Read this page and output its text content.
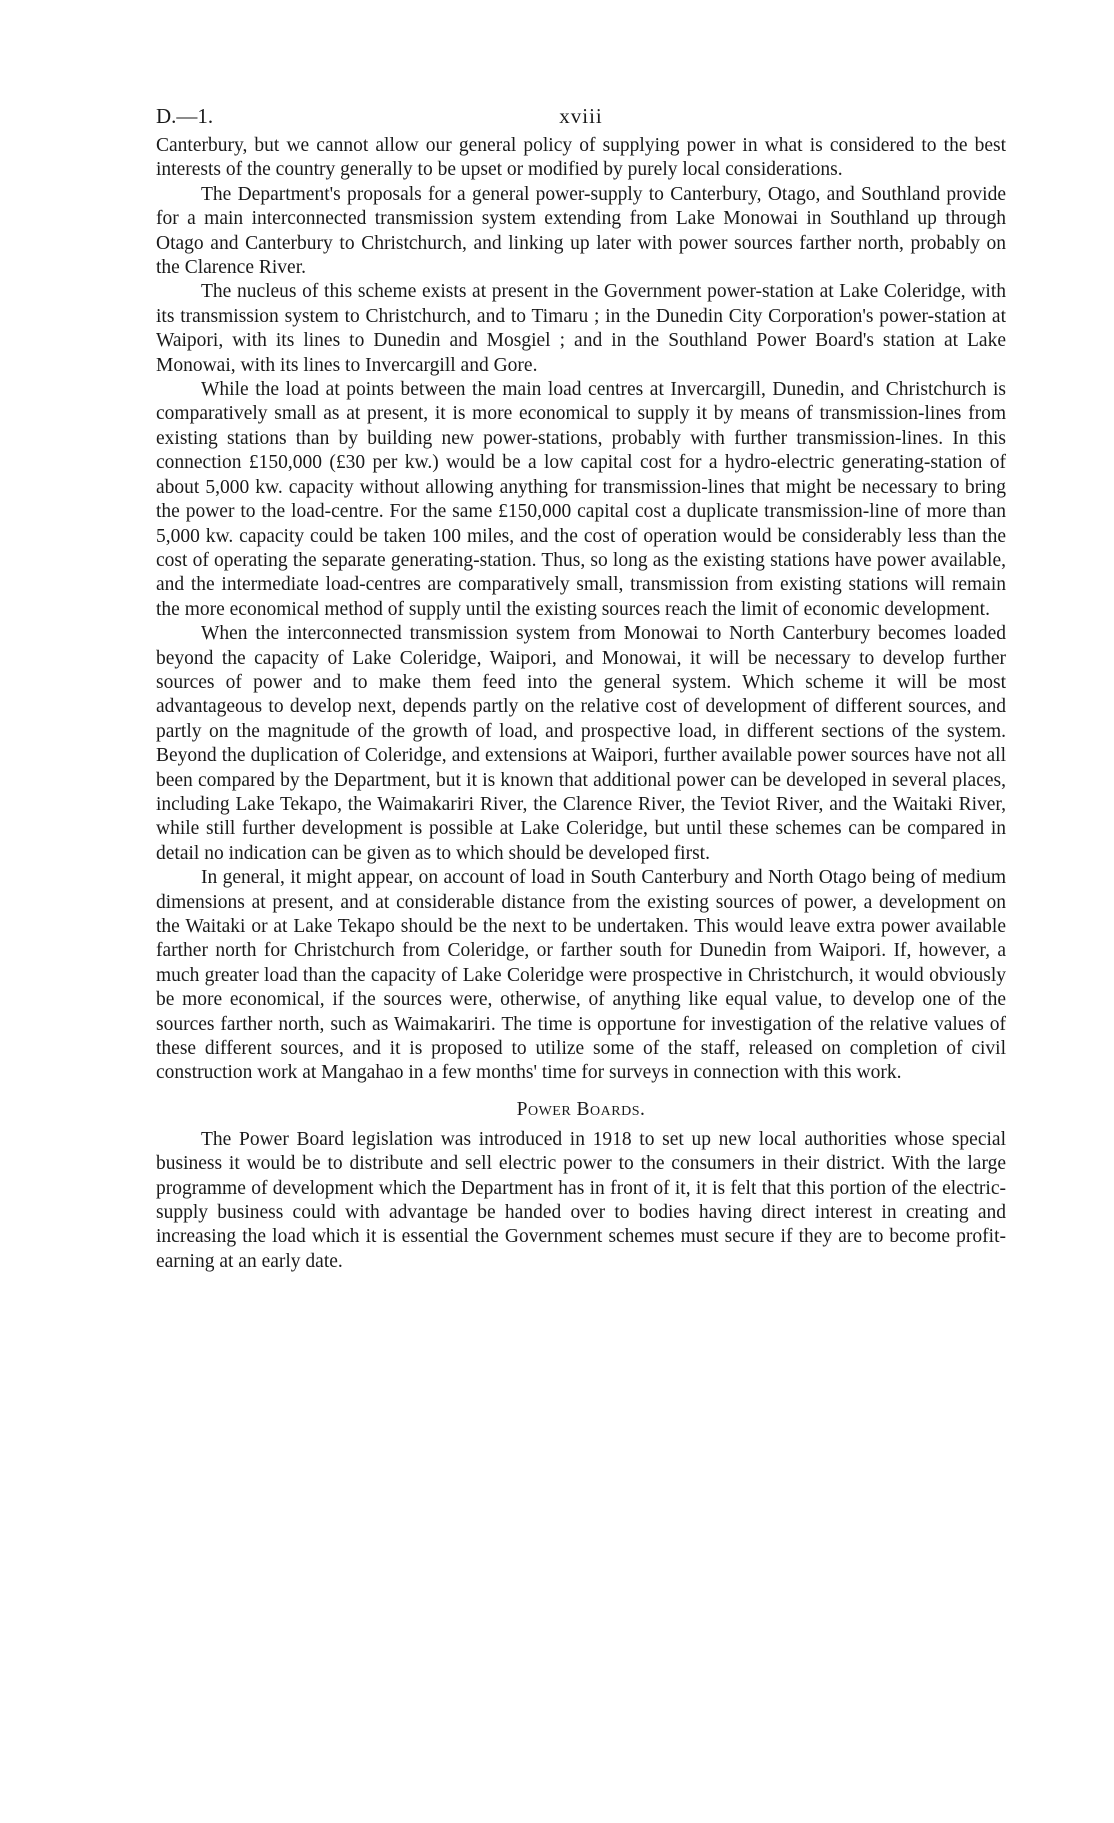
D.—1.	xviii

Canterbury, but we cannot allow our general policy of supplying power in what is considered to the best interests of the country generally to be upset or modified by purely local considerations.

The Department's proposals for a general power-supply to Canterbury, Otago, and Southland provide for a main interconnected transmission system extending from Lake Monowai in Southland up through Otago and Canterbury to Christchurch, and linking up later with power sources farther north, probably on the Clarence River.

The nucleus of this scheme exists at present in the Government power-station at Lake Coleridge, with its transmission system to Christchurch, and to Timaru ; in the Dunedin City Corporation's power-station at Waipori, with its lines to Dunedin and Mosgiel ; and in the Southland Power Board's station at Lake Monowai, with its lines to Invercargill and Gore.

While the load at points between the main load centres at Invercargill, Dunedin, and Christchurch is comparatively small as at present, it is more economical to supply it by means of transmission-lines from existing stations than by building new power-stations, probably with further transmission-lines. In this connection £150,000 (£30 per kw.) would be a low capital cost for a hydro-electric generating-station of about 5,000 kw. capacity without allowing anything for transmission-lines that might be necessary to bring the power to the load-centre. For the same £150,000 capital cost a duplicate transmission-line of more than 5,000 kw. capacity could be taken 100 miles, and the cost of operation would be considerably less than the cost of operating the separate generating-station. Thus, so long as the existing stations have power available, and the intermediate load-centres are comparatively small, transmission from existing stations will remain the more economical method of supply until the existing sources reach the limit of economic development.

When the interconnected transmission system from Monowai to North Canterbury becomes loaded beyond the capacity of Lake Coleridge, Waipori, and Monowai, it will be necessary to develop further sources of power and to make them feed into the general system. Which scheme it will be most advantageous to develop next, depends partly on the relative cost of development of different sources, and partly on the magnitude of the growth of load, and prospective load, in different sections of the system. Beyond the duplication of Coleridge, and extensions at Waipori, further available power sources have not all been compared by the Department, but it is known that additional power can be developed in several places, including Lake Tekapo, the Waimakariri River, the Clarence River, the Teviot River, and the Waitaki River, while still further development is possible at Lake Coleridge, but until these schemes can be compared in detail no indication can be given as to which should be developed first.

In general, it might appear, on account of load in South Canterbury and North Otago being of medium dimensions at present, and at considerable distance from the existing sources of power, a development on the Waitaki or at Lake Tekapo should be the next to be undertaken. This would leave extra power available farther north for Christchurch from Coleridge, or farther south for Dunedin from Waipori. If, however, a much greater load than the capacity of Lake Coleridge were prospective in Christchurch, it would obviously be more economical, if the sources were, otherwise, of anything like equal value, to develop one of the sources farther north, such as Waimakariri. The time is opportune for investigation of the relative values of these different sources, and it is proposed to utilize some of the staff, released on completion of civil construction work at Mangahao in a few months' time for surveys in connection with this work.

Power Boards.

The Power Board legislation was introduced in 1918 to set up new local authorities whose special business it would be to distribute and sell electric power to the consumers in their district. With the large programme of development which the Department has in front of it, it is felt that this portion of the electric-supply business could with advantage be handed over to bodies having direct interest in creating and increasing the load which it is essential the Government schemes must secure if they are to become profit-earning at an early date.
